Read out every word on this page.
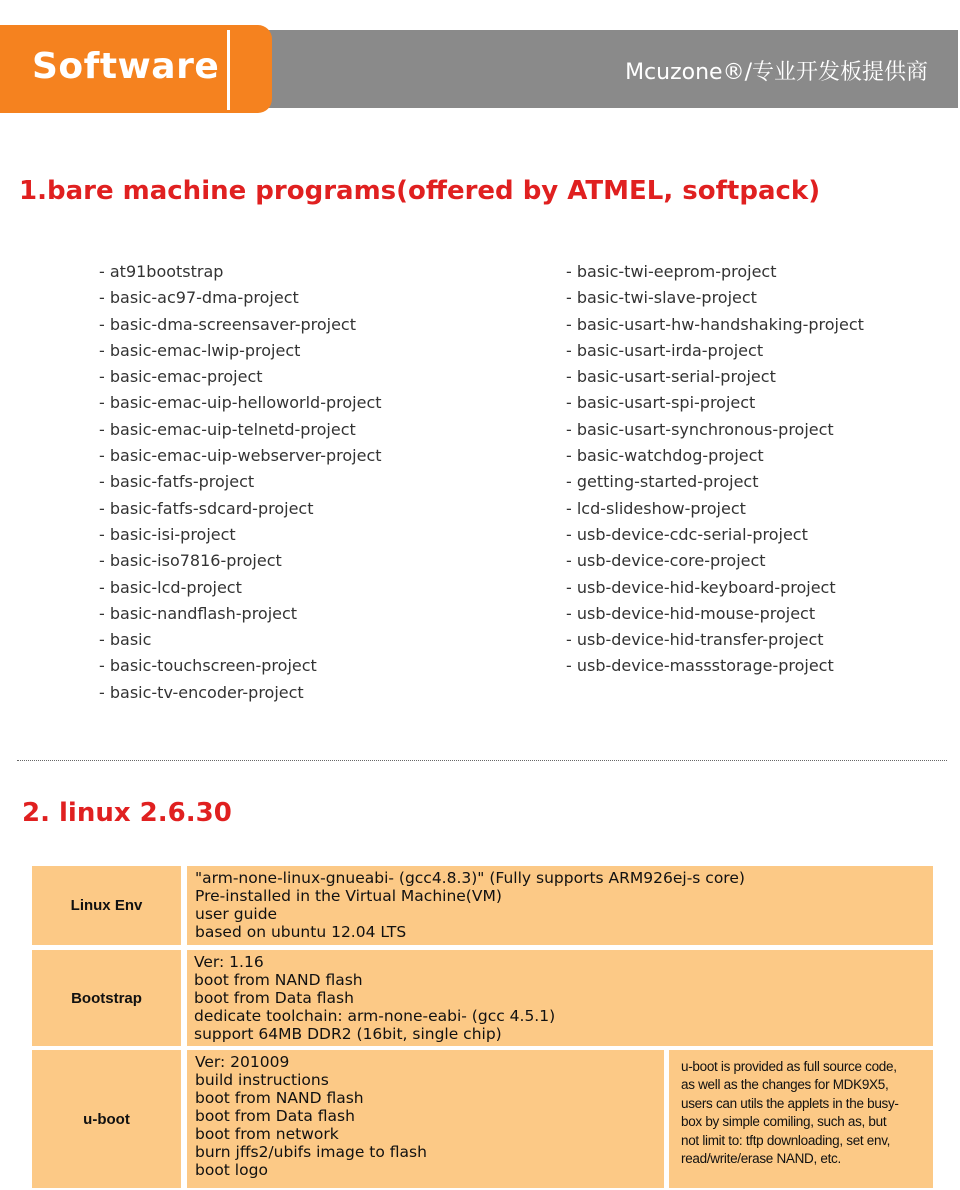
Software	Mcuzone®/专业开发板提供商
1.bare machine programs(offered by ATMEL, softpack)
- at91bootstrap
- basic-ac97-dma-project
- basic-dma-screensaver-project
- basic-emac-lwip-project
- basic-emac-project
- basic-emac-uip-helloworld-project
- basic-emac-uip-telnetd-project
- basic-emac-uip-webserver-project
- basic-fatfs-project
- basic-fatfs-sdcard-project
- basic-isi-project
- basic-iso7816-project
- basic-lcd-project
- basic-nandflash-project
- basic
- basic-touchscreen-project
- basic-tv-encoder-project
- basic-twi-eeprom-project
- basic-twi-slave-project
- basic-usart-hw-handshaking-project
- basic-usart-irda-project
- basic-usart-serial-project
- basic-usart-spi-project
- basic-usart-synchronous-project
- basic-watchdog-project
- getting-started-project
- lcd-slideshow-project
- usb-device-cdc-serial-project
- usb-device-core-project
- usb-device-hid-keyboard-project
- usb-device-hid-mouse-project
- usb-device-hid-transfer-project
- usb-device-massstorage-project
2. linux 2.6.30
Linux Env
"arm-none-linux-gnueabi- (gcc4.8.3)" (Fully supports ARM926ej-s core)
Pre-installed in the Virtual Machine(VM)
user guide
based on ubuntu 12.04 LTS
Bootstrap
Ver: 1.16
boot from NAND flash
boot from Data flash
dedicate toolchain: arm-none-eabi- (gcc 4.5.1)
support 64MB DDR2 (16bit, single chip)
u-boot
Ver: 201009
build instructions
boot from NAND flash
boot from Data flash
boot from network
burn jffs2/ubifs image to flash
boot logo
u-boot is provided as full source code,
as well as the changes for MDK9X5,
users can utils the applets in the busy-
box by simple comiling, such as, but
not limit to: tftp downloading, set env,
read/write/erase NAND, etc.
